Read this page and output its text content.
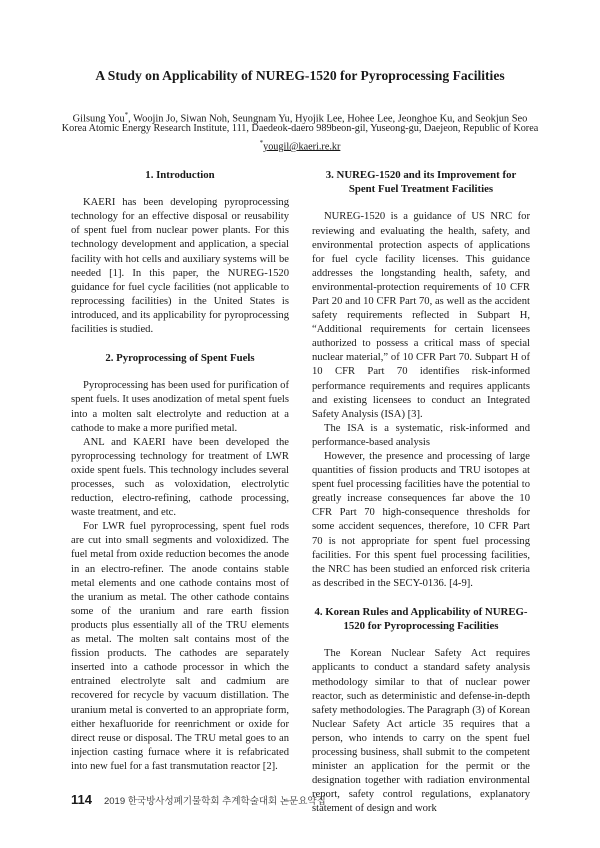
A Study on Applicability of NUREG-1520 for Pyroprocessing Facilities
Gilsung You*, Woojin Jo, Siwan Noh, Seungnam Yu, Hyojik Lee, Hohee Lee, Jeonghoe Ku, and Seokjun Seo
Korea Atomic Energy Research Institute, 111, Daedeok-daero 989beon-gil, Yuseong-gu, Daejeon, Republic of Korea
*yougil@kaeri.re.kr
1. Introduction

KAERI has been developing pyroprocessing technology for an effective disposal or reusability of spent fuel from nuclear power plants. For this technology development and application, a special facility with hot cells and auxiliary systems will be needed [1]. In this paper, the NUREG-1520 guidance for fuel cycle facilities (not applicable to reprocessing facilities) in the United States is introduced, and its applicability for pyroprocessing facilities is studied.

2. Pyroprocessing of Spent Fuels

Pyroprocessing has been used for purification of spent fuels. It uses anodization of metal spent fuels into a molten salt electrolyte and reduction at a cathode to make a more purified metal.

ANL and KAERI have been developed the pyroprocessing technology for treatment of LWR oxide spent fuels. This technology includes several processes, such as voloxidation, electrolytic reduction, electro-refining, cathode processing, waste treatment, and etc.

For LWR fuel pyroprocessing, spent fuel rods are cut into small segments and voloxidized. The fuel metal from oxide reduction becomes the anode in an electro-refiner. The anode contains stable metal elements and one cathode contains most of the uranium as metal. The other cathode contains some of the uranium and rare earth fission products plus essentially all of the TRU elements as metal. The molten salt contains most of the fission products. The cathodes are separately inserted into a cathode processor in which the entrained electrolyte salt and cadmium are recovered for recycle by vacuum distillation. The uranium metal is converted to an appropriate form, either hexafluoride for reenrichment or oxide for direct reuse or disposal. The TRU metal goes to an injection casting furnace where it is refabricated into new fuel for a fast transmutation reactor [2].

3. NUREG-1520 and its Improvement for Spent Fuel Treatment Facilities

NUREG-1520 is a guidance of US NRC for reviewing and evaluating the health, safety, and environmental protection aspects of applications for fuel cycle facility licenses. This guidance addresses the longstanding health, safety, and environmental-protection requirements of 10 CFR Part 20 and 10 CFR Part 70, as well as the accident safety requirements reflected in Subpart H, “Additional requirements for certain licensees authorized to possess a critical mass of special nuclear material,” of 10 CFR Part 70. Subpart H of 10 CFR Part 70 identifies risk-informed performance requirements and requires applicants and existing licensees to conduct an Integrated Safety Analysis (ISA) [3].

The ISA is a systematic, risk-informed and performance-based analysis

However, the presence and processing of large quantities of fission products and TRU isotopes at spent fuel processing facilities have the potential to greatly increase consequences far above the 10 CFR Part 70 high-consequence thresholds for some accident sequences, therefore, 10 CFR Part 70 is not appropriate for spent fuel processing facilities. For this spent fuel processing facilities, the NRC has been studied an enforced risk criteria as described in the SECY-0136. [4-9].

4. Korean Rules and Applicability of NUREG-1520 for Pyroprocessing Facilities

The Korean Nuclear Safety Act requires applicants to conduct a standard safety analysis methodology similar to that of nuclear power reactor, such as deterministic and defense-in-depth safety methodologies. The Paragraph (3) of Korean Nuclear Safety Act article 35 requires that a person, who intends to carry on the spent fuel processing business, shall submit to the competent minister an application for the permit or the designation together with radiation environmental report, safety control regulations, explanatory statement of design and work

114 2019 한국방사성폐기물학회 추계학술대회 논문요약집
